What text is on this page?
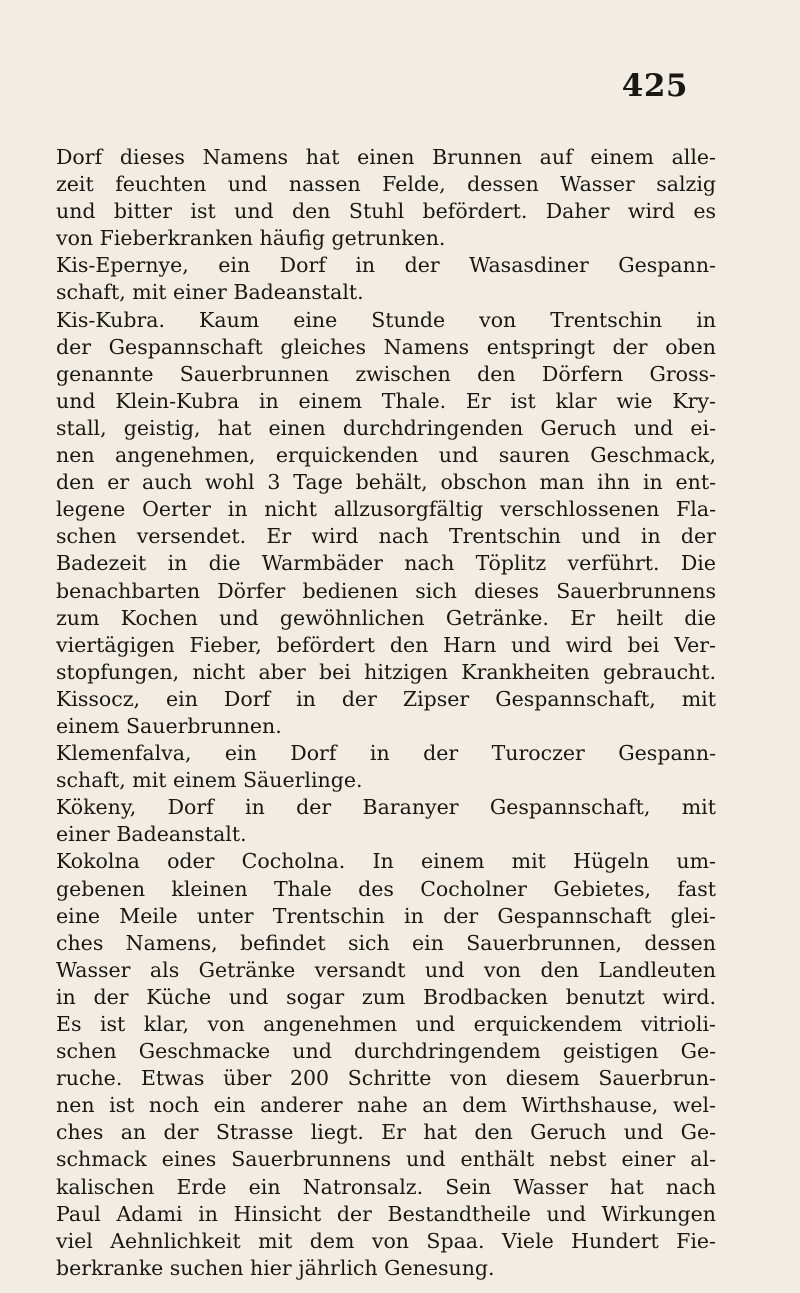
425
Dorf dieses Namens hat einen Brunnen auf einem alle-
zeit feuchten und nassen Felde, dessen Wasser salzig
und bitter ist und den Stuhl befördert. Daher wird es
von Fieberkranken häufig getrunken.
Kis-Epernye, ein Dorf in der Wasasdiner Gespann-
schaft, mit einer Badeanstalt.
Kis-Kubra. Kaum eine Stunde von Trentschin in
der Gespannschaft gleiches Namens entspringt der oben
genannte Sauerbrunnen zwischen den Dörfern Gross-
und Klein-Kubra in einem Thale. Er ist klar wie Kry-
stall, geistig, hat einen durchdringenden Geruch und ei-
nen angenehmen, erquickenden und sauren Geschmack,
den er auch wohl 3 Tage behält, obschon man ihn in ent-
legene Oerter in nicht allzusorgfältig verschlossenen Fla-
schen versendet. Er wird nach Trentschin und in der
Badezeit in die Warmbäder nach Töplitz verführt. Die
benachbarten Dörfer bedienen sich dieses Sauerbrunnens
zum Kochen und gewöhnlichen Getränke. Er heilt die
viertägigen Fieber, befördert den Harn und wird bei Ver-
stopfungen, nicht aber bei hitzigen Krankheiten gebraucht.
Kissocz, ein Dorf in der Zipser Gespannschaft, mit
einem Sauerbrunnen.
Klemenfalva, ein Dorf in der Turoczer Gespann-
schaft, mit einem Säuerlinge.
Kökeny, Dorf in der Baranyer Gespannschaft, mit
einer Badeanstalt.
Kokolna oder Cocholna. In einem mit Hügeln um-
gebenen kleinen Thale des Cocholner Gebietes, fast
eine Meile unter Trentschin in der Gespannschaft glei-
ches Namens, befindet sich ein Sauerbrunnen, dessen
Wasser als Getränke versandt und von den Landleuten
in der Küche und sogar zum Brodbacken benutzt wird.
Es ist klar, von angenehmen und erquickendem vitrioli-
schen Geschmacke und durchdringendem geistigen Ge-
ruche. Etwas über 200 Schritte von diesem Sauerbrun-
nen ist noch ein anderer nahe an dem Wirthshause, wel-
ches an der Strasse liegt. Er hat den Geruch und Ge-
schmack eines Sauerbrunnens und enthält nebst einer al-
kalischen Erde ein Natronsalz. Sein Wasser hat nach
Paul Adami in Hinsicht der Bestandtheile und Wirkungen
viel Aehnlichkeit mit dem von Spaa. Viele Hundert Fie-
berkranke suchen hier jährlich Genesung.
